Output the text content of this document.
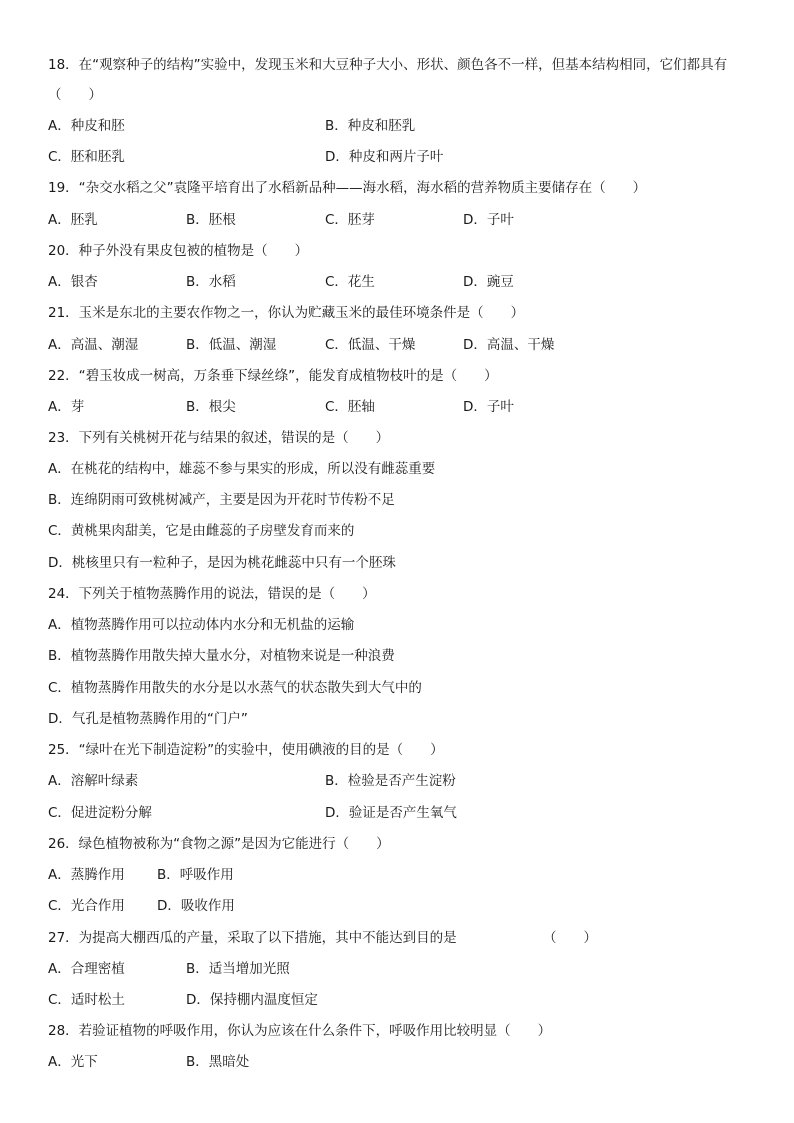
18．在“观察种子的结构”实验中，发现玉米和大豆种子大小、形状、颜色各不一样，但基本结构相同，它们都具有
（　　）
A．种皮和胚	B．种皮和胚乳
C．胚和胚乳	D．种皮和两片子叶
19．“杂交水稻之父”袁隆平培育出了水稻新品种——海水稻，海水稻的营养物质主要储存在（　　）
A．胚乳	B．胚根	C．胚芽	D．子叶
20．种子外没有果皮包被的植物是（　　）
A．银杏	B．水稻	C．花生	D．豌豆
21．玉米是东北的主要农作物之一，你认为贮藏玉米的最佳环境条件是（　　）
A．高温、潮湿	B．低温、潮湿	C．低温、干燥	D．高温、干燥
22．“碧玉妆成一树高，万条垂下绿丝绦”，能发育成植物枝叶的是（　　）
A．芽	B．根尖	C．胚轴	D．子叶
23．下列有关桃树开花与结果的叙述，错误的是（　　）
A．在桃花的结构中，雄蕊不参与果实的形成，所以没有雌蕊重要
B．连绵阴雨可致桃树减产，主要是因为开花时节传粉不足
C．黄桃果肉甜美，它是由雌蕊的子房壁发育而来的
D．桃核里只有一粒种子，是因为桃花雌蕊中只有一个胚珠
24．下列关于植物蒸腾作用的说法，错误的是（　　）
A．植物蒸腾作用可以拉动体内水分和无机盐的运输
B．植物蒸腾作用散失掉大量水分，对植物来说是一种浪费
C．植物蒸腾作用散失的水分是以水蒸气的状态散失到大气中的
D．气孔是植物蒸腾作用的“门户”
25．“绿叶在光下制造淀粉”的实验中，使用碘液的目的是（　　）
A．溶解叶绿素	B．检验是否产生淀粉
C．促进淀粉分解	D．验证是否产生氧气
26．绿色植物被称为“食物之源”是因为它能进行（　　）
A．蒸腾作用 B．呼吸作用
C．光合作用 D．吸收作用
27．为提高大棚西瓜的产量，采取了以下措施，其中不能达到目的是	（　　）
A．合理密植	B．适当增加光照
C．适时松土	D．保持棚内温度恒定
28．若验证植物的呼吸作用，你认为应该在什么条件下，呼吸作用比较明显（　　）
A．光下	B．黑暗处
